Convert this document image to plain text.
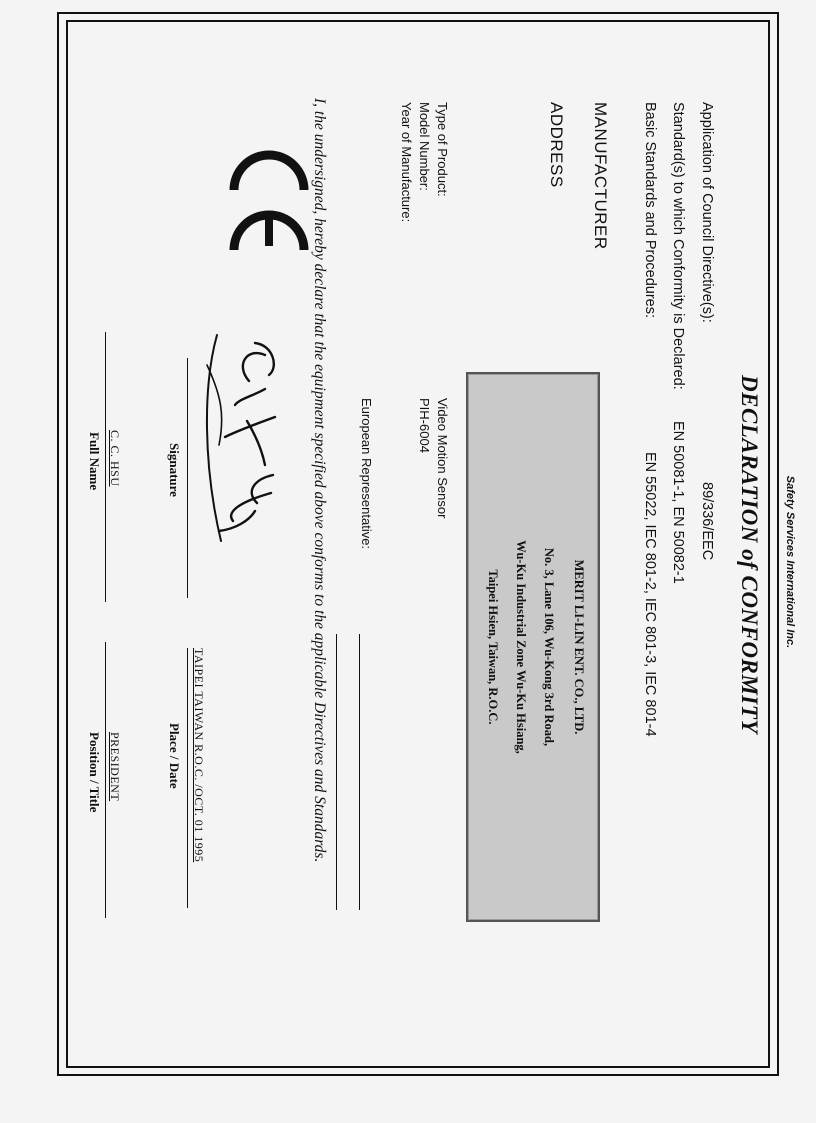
Safety Services International Inc.
DECLARATION of CONFORMITY
Application of Council Directive(s):
89/336/EEC
Standard(s) to which Conformity is Declared:
EN 50081-1, EN 50082-1
Basic Standards and Procedures:
EN 55022, IEC 801-2, IEC 801-3, IEC 801-4
MANUFACTURER
ADDRESS
MERIT LI-LIN ENT. CO., LTD.
No. 3, Lane 106, Wu-Kong 3rd Road,
Wu-Ku Industrial Zone Wu-Ku Hsiang,
Taipei Hsien, Taiwan, R.O.C.
Type of Product:
Model Number:
Year of Manufacture:
Video Motion Sensor
PIH-6004
European Representative:
I, the undersigned, hereby declare that the equipment specified above conforms to the applicable Directives and Standards.
Signature
TAIPEI TAIWAN R.O.C. /OCT. 01 1995
Place / Date
C. C. HSU
Full Name
PRESIDENT
Position / Title
